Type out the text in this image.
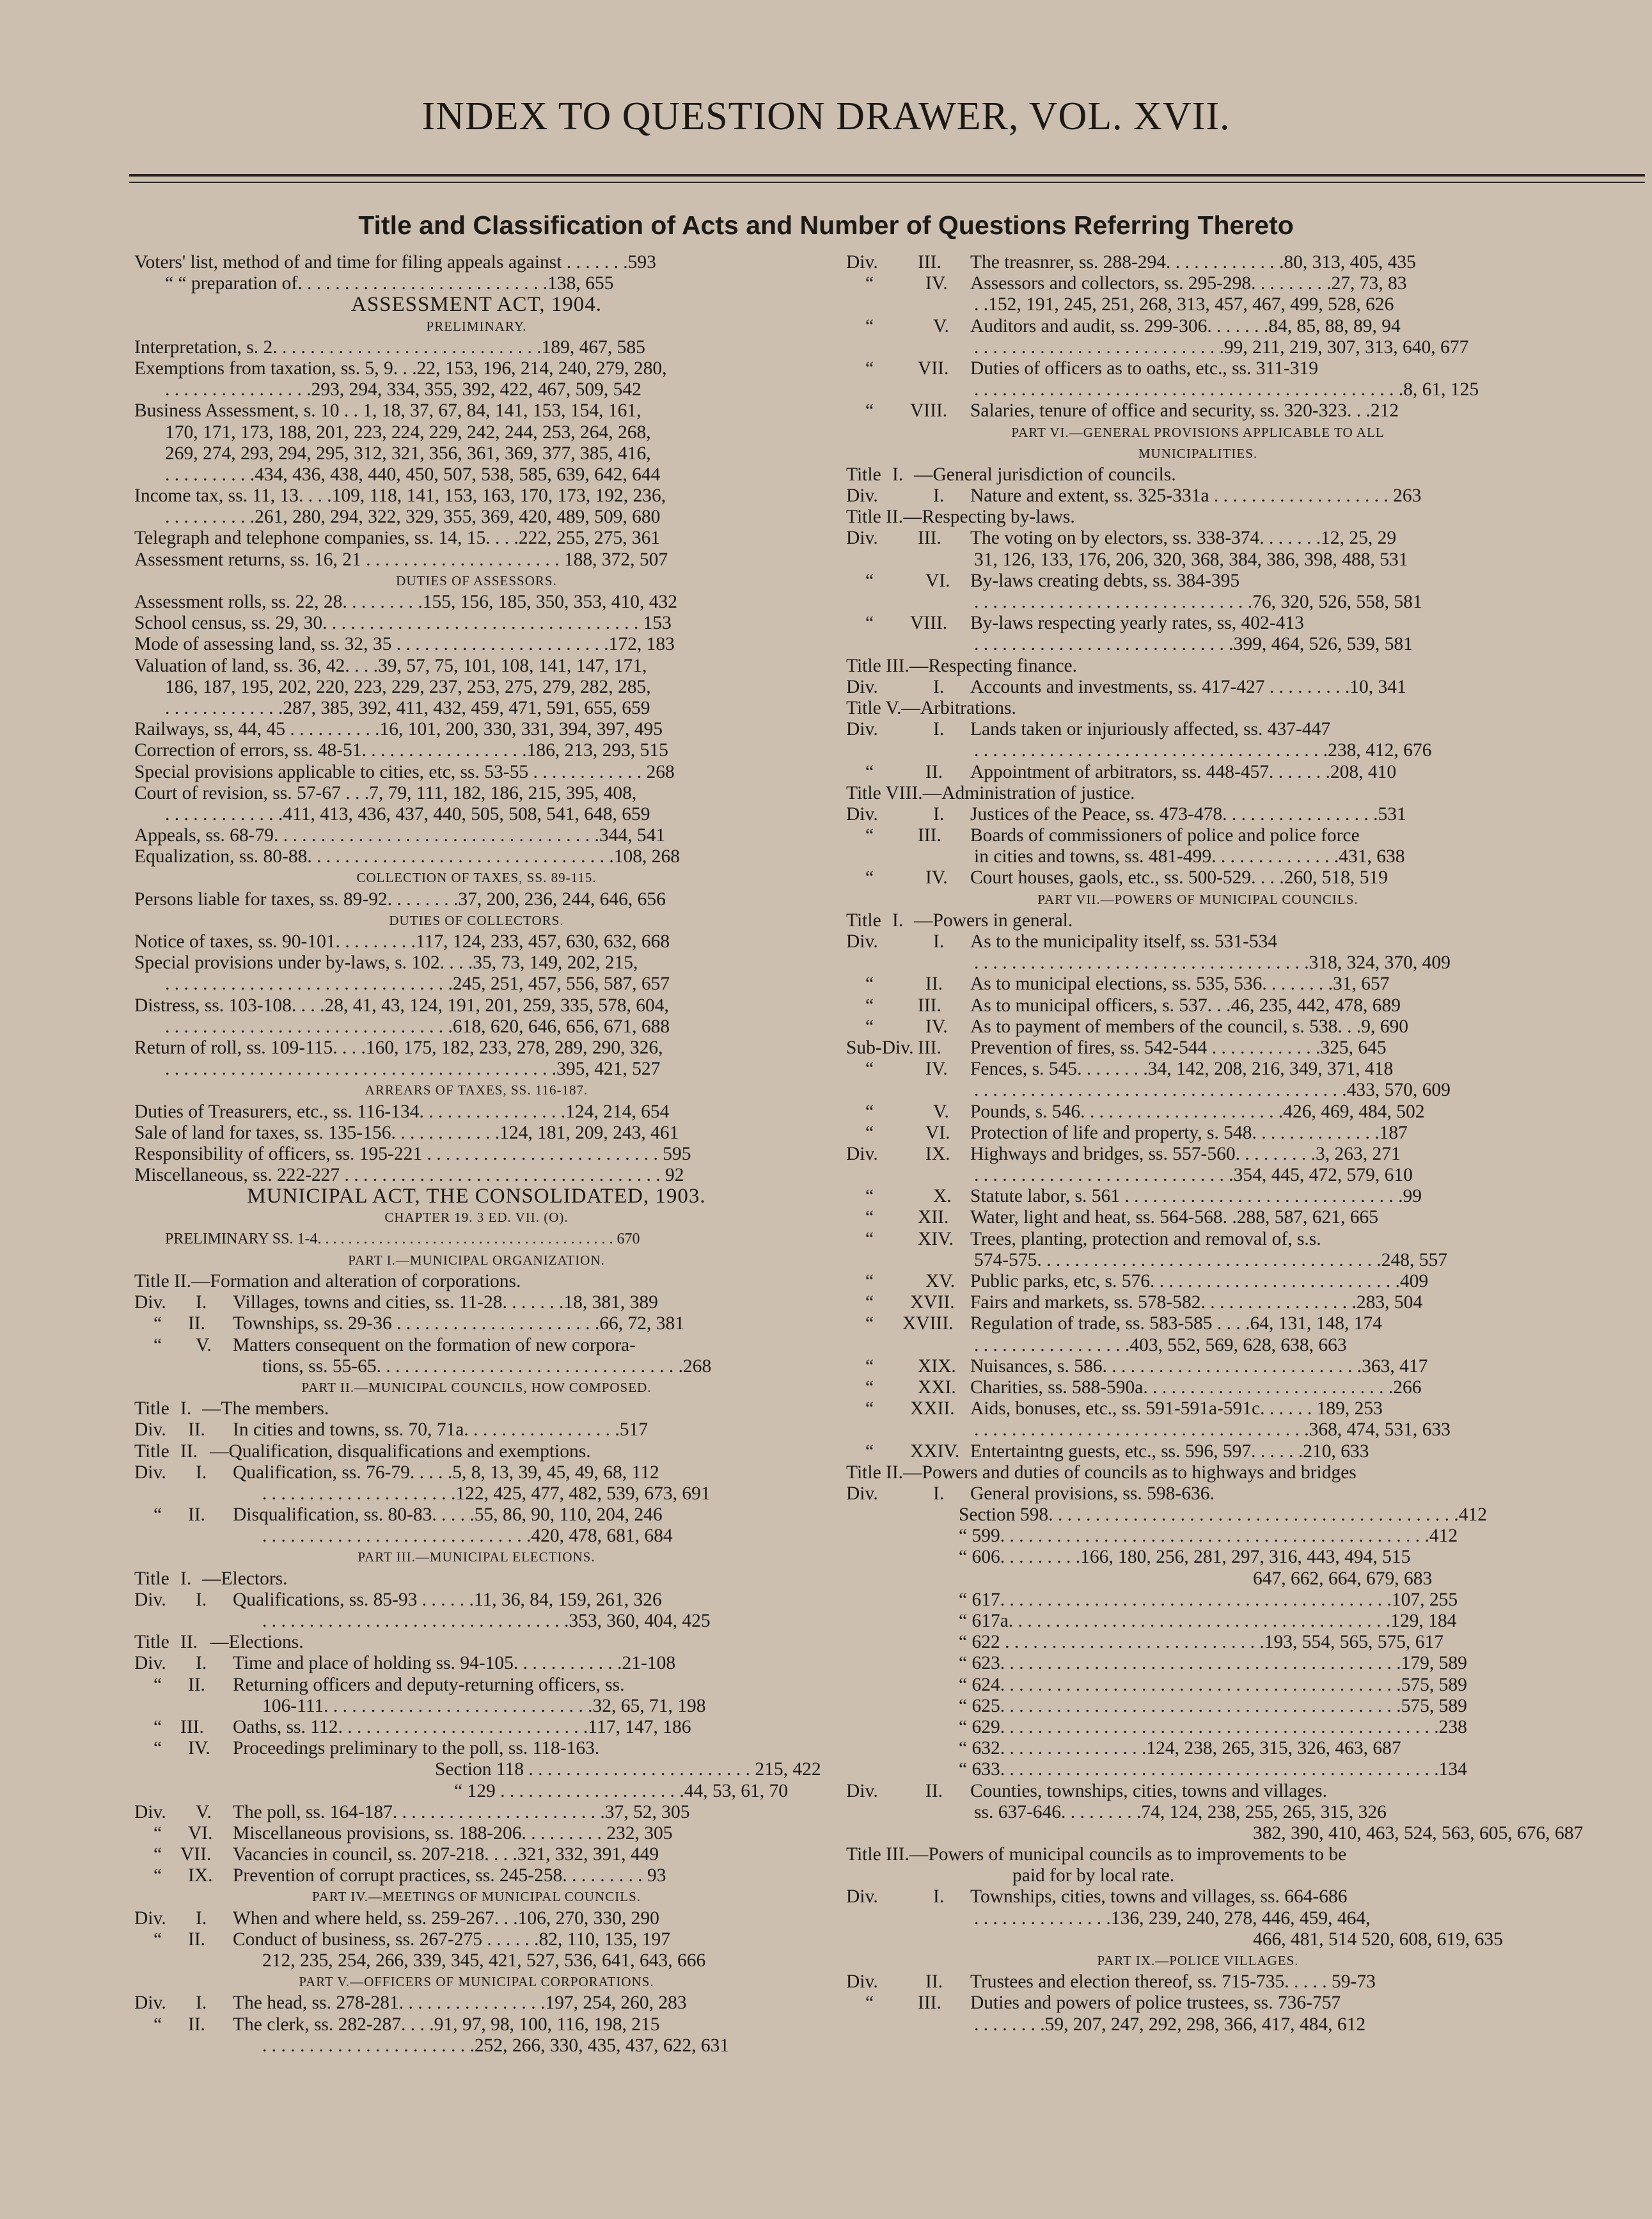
INDEX TO QUESTION DRAWER, VOL. XVII.
Title and Classification of Acts and Number of Questions Referring Thereto
Voters' list, method of and time for filing appeals against . . . . . . .593
“ “ preparation of. . . . . . . . . . . . . . . . . . . . . . . . . . .138, 655
ASSESSMENT ACT, 1904.
PRELIMINARY.
Interpretation, s. 2. . . . . . . . . . . . . . . . . . . . . . . . . . . . .189, 467, 585
Exemptions from taxation, ss. 5, 9. . .22, 153, 196, 214, 240, 279, 280,
. . . . . . . . . . . . . . . .293, 294, 334, 355, 392, 422, 467, 509, 542
Business Assessment, s. 10 . . 1, 18, 37, 67, 84, 141, 153, 154, 161,
170, 171, 173, 188, 201, 223, 224, 229, 242, 244, 253, 264, 268,
269, 274, 293, 294, 295, 312, 321, 356, 361, 369, 377, 385, 416,
. . . . . . . . . .434, 436, 438, 440, 450, 507, 538, 585, 639, 642, 644
Income tax, ss. 11, 13. . . .109, 118, 141, 153, 163, 170, 173, 192, 236,
. . . . . . . . . .261, 280, 294, 322, 329, 355, 369, 420, 489, 509, 680
Telegraph and telephone companies, ss. 14, 15. . . .222, 255, 275, 361
Assessment returns, ss. 16, 21 . . . . . . . . . . . . . . . . . . . . . 188, 372, 507
DUTIES OF ASSESSORS.
Assessment rolls, ss. 22, 28. . . . . . . . .155, 156, 185, 350, 353, 410, 432
School census, ss. 29, 30. . . . . . . . . . . . . . . . . . . . . . . . . . . . . . . . . . 153
Mode of assessing land, ss. 32, 35 . . . . . . . . . . . . . . . . . . . . . . .172, 183
Valuation of land, ss. 36, 42. . . .39, 57, 75, 101, 108, 141, 147, 171,
186, 187, 195, 202, 220, 223, 229, 237, 253, 275, 279, 282, 285,
. . . . . . . . . . . . .287, 385, 392, 411, 432, 459, 471, 591, 655, 659
Railways, ss, 44, 45 . . . . . . . . . .16, 101, 200, 330, 331, 394, 397, 495
Correction of errors, ss. 48-51. . . . . . . . . . . . . . . . . .186, 213, 293, 515
Special provisions applicable to cities, etc, ss. 53-55 . . . . . . . . . . . . 268
Court of revision, ss. 57-67 . . .7, 79, 111, 182, 186, 215, 395, 408,
. . . . . . . . . . . . .411, 413, 436, 437, 440, 505, 508, 541, 648, 659
Appeals, ss. 68-79. . . . . . . . . . . . . . . . . . . . . . . . . . . . . . . . . . .344, 541
Equalization, ss. 80-88. . . . . . . . . . . . . . . . . . . . . . . . . . . . . . . . .108, 268
COLLECTION OF TAXES, SS. 89-115.
Persons liable for taxes, ss. 89-92. . . . . . . .37, 200, 236, 244, 646, 656
DUTIES OF COLLECTORS.
Notice of taxes, ss. 90-101. . . . . . . . .117, 124, 233, 457, 630, 632, 668
Special provisions under by-laws, s. 102. . . .35, 73, 149, 202, 215,
. . . . . . . . . . . . . . . . . . . . . . . . . . . . . . .245, 251, 457, 556, 587, 657
Distress, ss. 103-108. . . .28, 41, 43, 124, 191, 201, 259, 335, 578, 604,
. . . . . . . . . . . . . . . . . . . . . . . . . . . . . . .618, 620, 646, 656, 671, 688
Return of roll, ss. 109-115. . . .160, 175, 182, 233, 278, 289, 290, 326,
. . . . . . . . . . . . . . . . . . . . . . . . . . . . . . . . . . . . . . . . . .395, 421, 527
ARREARS OF TAXES, SS. 116-187.
Duties of Treasurers, etc., ss. 116-134. . . . . . . . . . . . . . . .124, 214, 654
Sale of land for taxes, ss. 135-156. . . . . . . . . . . .124, 181, 209, 243, 461
Responsibility of officers, ss. 195-221 . . . . . . . . . . . . . . . . . . . . . . . . . 595
Miscellaneous, ss. 222-227 . . . . . . . . . . . . . . . . . . . . . . . . . . . . . . . . . . 92
MUNICIPAL ACT, THE CONSOLIDATED, 1903.
CHAPTER 19. 3 ED. VII. (O).
PRELIMINARY SS. 1-4. . . . . . . . . . . . . . . . . . . . . . . . . . . . . . . . . . . . . . . 670
PART I.—MUNICIPAL ORGANIZATION.
Title II.—Formation and alteration of corporations.
Div. I. Villages, towns and cities, ss. 11-28. . . . . . .18, 381, 389
“ II. Townships, ss. 29-36 . . . . . . . . . . . . . . . . . . . . . .66, 72, 381
“ V. Matters consequent on the formation of new corpora-
tions, ss. 55-65. . . . . . . . . . . . . . . . . . . . . . . . . . . . . . . . .268
PART II.—MUNICIPAL COUNCILS, HOW COMPOSED.
Title I. —The members.
Div. II. In cities and towns, ss. 70, 71a. . . . . . . . . . . . . . . . .517
Title II. —Qualification, disqualifications and exemptions.
Div. I. Qualification, ss. 76-79. . . . .5, 8, 13, 39, 45, 49, 68, 112
. . . . . . . . . . . . . . . . . . . . .122, 425, 477, 482, 539, 673, 691
“ II. Disqualification, ss. 80-83. . . . .55, 86, 90, 110, 204, 246
. . . . . . . . . . . . . . . . . . . . . . . . . . . . .420, 478, 681, 684
PART III.—MUNICIPAL ELECTIONS.
Title I. —Electors.
Div. I. Qualifications, ss. 85-93 . . . . . .11, 36, 84, 159, 261, 326
. . . . . . . . . . . . . . . . . . . . . . . . . . . . . . . . .353, 360, 404, 425
Title II. —Elections.
Div. I. Time and place of holding ss. 94-105. . . . . . . . . . . .21-108
“ II. Returning officers and deputy-returning officers, ss.
106-111. . . . . . . . . . . . . . . . . . . . . . . . . . . . .32, 65, 71, 198
“ III. Oaths, ss. 112. . . . . . . . . . . . . . . . . . . . . . . . . . .117, 147, 186
“ IV. Proceedings preliminary to the poll, ss. 118-163.
Section 118 . . . . . . . . . . . . . . . . . . . . . . . . 215, 422
“ 129 . . . . . . . . . . . . . . . . . . . .44, 53, 61, 70
Div. V. The poll, ss. 164-187. . . . . . . . . . . . . . . . . . . . . . .37, 52, 305
“ VI. Miscellaneous provisions, ss. 188-206. . . . . . . . . 232, 305
“ VII. Vacancies in council, ss. 207-218. . . .321, 332, 391, 449
“ IX. Prevention of corrupt practices, ss. 245-258. . . . . . . . . 93
PART IV.—MEETINGS OF MUNICIPAL COUNCILS.
Div. I. When and where held, ss. 259-267. . .106, 270, 330, 290
“ II. Conduct of business, ss. 267-275 . . . . . .82, 110, 135, 197
212, 235, 254, 266, 339, 345, 421, 527, 536, 641, 643, 666
PART V.—OFFICERS OF MUNICIPAL CORPORATIONS.
Div. I. The head, ss. 278-281. . . . . . . . . . . . . . . .197, 254, 260, 283
“ II. The clerk, ss. 282-287. . . .91, 97, 98, 100, 116, 198, 215
. . . . . . . . . . . . . . . . . . . . . . .252, 266, 330, 435, 437, 622, 631
Div. III. The treasnrer, ss. 288-294. . . . . . . . . . . . .80, 313, 405, 435
“	IV. Assessors and collectors, ss. 295-298. . . . . . . . .27, 73, 83
. .152, 191, 245, 251, 268, 313, 457, 467, 499, 528, 626
“	V. Auditors and audit, ss. 299-306. . . . . . .84, 85, 88, 89, 94
. . . . . . . . . . . . . . . . . . . . . . . . . . .99, 211, 219, 307, 313, 640, 677
“ VII. Duties of officers as to oaths, etc., ss. 311-319
. . . . . . . . . . . . . . . . . . . . . . . . . . . . . . . . . . . . . . . . . . . . . .8, 61, 125
“ VIII. Salaries, tenure of office and security, ss. 320-323. . .212
PART VI.—GENERAL PROVISIONS APPLICABLE TO ALL
MUNICIPALITIES.
Title I. —General jurisdiction of councils.
Div.	I. Nature and extent, ss. 325-331a . . . . . . . . . . . . . . . . . . . 263
Title II.—Respecting by-laws.
Div. III. The voting on by electors, ss. 338-374. . . . . . .12, 25, 29
31, 126, 133, 176, 206, 320, 368, 384, 386, 398, 488, 531
“	VI. By-laws creating debts, ss. 384-395
. . . . . . . . . . . . . . . . . . . . . . . . . . . . . .76, 320, 526, 558, 581
“ VIII. By-laws respecting yearly rates, ss, 402-413
. . . . . . . . . . . . . . . . . . . . . . . . . . . .399, 464, 526, 539, 581
Title III.—Respecting finance.
Div.	I. Accounts and investments, ss. 417-427 . . . . . . . . .10, 341
Title V.—Arbitrations.
Div.	I. Lands taken or injuriously affected, ss. 437-447
. . . . . . . . . . . . . . . . . . . . . . . . . . . . . . . . . . . . . .238, 412, 676
“	II. Appointment of arbitrators, ss. 448-457. . . . . . .208, 410
Title VIII.—Administration of justice.
Div.	I. Justices of the Peace, ss. 473-478. . . . . . . . . . . . . . . . .531
“ III. Boards of commissioners of police and police force
in cities and towns, ss. 481-499. . . . . . . . . . . . . .431, 638
“	IV. Court houses, gaols, etc., ss. 500-529. . . .260, 518, 519
PART VII.—POWERS OF MUNICIPAL COUNCILS.
Title I. —Powers in general.
Div.	I. As to the municipality itself, ss. 531-534
. . . . . . . . . . . . . . . . . . . . . . . . . . . . . . . . . . . .318, 324, 370, 409
“	II. As to municipal elections, ss. 535, 536. . . . . . . .31, 657
“ III. As to municipal officers, s. 537. . .46, 235, 442, 478, 689
“	IV. As to payment of members of the council, s. 538. . .9, 690
Sub-Div. III. Prevention of fires, ss. 542-544 . . . . . . . . . . . .325, 645
“	IV. Fences, s. 545. . . . . . . .34, 142, 208, 216, 349, 371, 418
. . . . . . . . . . . . . . . . . . . . . . . . . . . . . . . . . . . . . . . .433, 570, 609
“	V. Pounds, s. 546. . . . . . . . . . . . . . . . . . . . . .426, 469, 484, 502
“	VI. Protection of life and property, s. 548. . . . . . . . . . . . . .187
Div.	IX. Highways and bridges, ss. 557-560. . . . . . . . .3, 263, 271
. . . . . . . . . . . . . . . . . . . . . . . . . . . .354, 445, 472, 579, 610
“	X. Statute labor, s. 561 . . . . . . . . . . . . . . . . . . . . . . . . . . . . . .99
“ XII. Water, light and heat, ss. 564-568. .288, 587, 621, 665
“ XIV. Trees, planting, protection and removal of, s.s.
574-575. . . . . . . . . . . . . . . . . . . . . . . . . . . . . . . . . . . . .248, 557
“	XV. Public parks, etc, s. 576. . . . . . . . . . . . . . . . . . . . . . . . . . .409
“ XVII. Fairs and markets, ss. 578-582. . . . . . . . . . . . . . . . .283, 504
“ XVIII. Regulation of trade, ss. 583-585 . . . .64, 131, 148, 174
. . . . . . . . . . . . . . . . .403, 552, 569, 628, 638, 663
“ XIX. Nuisances, s. 586. . . . . . . . . . . . . . . . . . . . . . . . . . . .363, 417
“ XXI. Charities, ss. 588-590a. . . . . . . . . . . . . . . . . . . . . . . . . . .266
“ XXII. Aids, bonuses, etc., ss. 591-591a-591c. . . . . . 189, 253
. . . . . . . . . . . . . . . . . . . . . . . . . . . . . . . . . . . .368, 474, 531, 633
“ XXIV. Entertaintng guests, etc., ss. 596, 597. . . . . .210, 633
Title II.—Powers and duties of councils as to highways and bridges
Div.	I. General provisions, ss. 598-636.
Section 598. . . . . . . . . . . . . . . . . . . . . . . . . . . . . . . . . . . . . . . . . . . .412
“ 599. . . . . . . . . . . . . . . . . . . . . . . . . . . . . . . . . . . . . . . . . . . . . .412
“ 606. . . . . . . . .166, 180, 256, 281, 297, 316, 443, 494, 515
647, 662, 664, 679, 683
“ 617. . . . . . . . . . . . . . . . . . . . . . . . . . . . . . . . . . . . . . . . . .107, 255
“ 617a. . . . . . . . . . . . . . . . . . . . . . . . . . . . . . . . . . . . . . . . .129, 184
“ 622 . . . . . . . . . . . . . . . . . . . . . . . . . . . .193, 554, 565, 575, 617
“ 623. . . . . . . . . . . . . . . . . . . . . . . . . . . . . . . . . . . . . . . . . . .179, 589
“ 624. . . . . . . . . . . . . . . . . . . . . . . . . . . . . . . . . . . . . . . . . . .575, 589
“ 625. . . . . . . . . . . . . . . . . . . . . . . . . . . . . . . . . . . . . . . . . . .575, 589
“ 629. . . . . . . . . . . . . . . . . . . . . . . . . . . . . . . . . . . . . . . . . . . . . . .238
“ 632. . . . . . . . . . . . . . . .124, 238, 265, 315, 326, 463, 687
“ 633. . . . . . . . . . . . . . . . . . . . . . . . . . . . . . . . . . . . . . . . . . . . . . .134
Div.	II. Counties, townships, cities, towns and villages.
ss. 637-646. . . . . . . . .74, 124, 238, 255, 265, 315, 326
382, 390, 410, 463, 524, 563, 605, 676, 687
Title III.—Powers of municipal councils as to improvements to be
paid for by local rate.
Div.	I. Townships, cities, towns and villages, ss. 664-686
. . . . . . . . . . . . . . .136, 239, 240, 278, 446, 459, 464,
466, 481, 514 520, 608, 619, 635
PART IX.—POLICE VILLAGES.
Div.	II. Trustees and election thereof, ss. 715-735. . . . . 59-73
“ III. Duties and powers of police trustees, ss. 736-757
. . . . . . . .59, 207, 247, 292, 298, 366, 417, 484, 612
